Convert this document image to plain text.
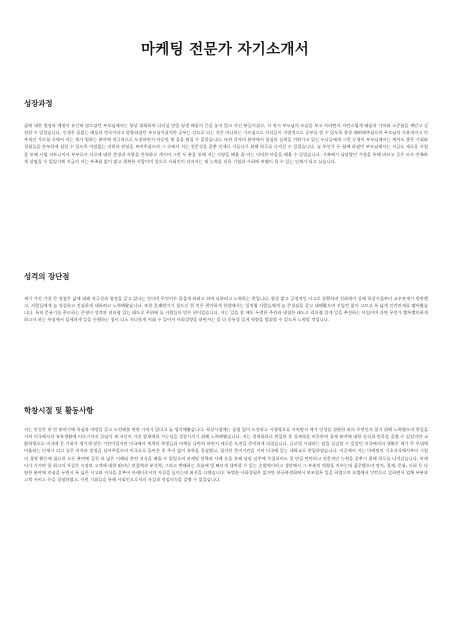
마케팅 전문가 자기소개서
성장과정

삶에 대한 열정과 애정이 유난히 많으셨던 부모님께서는 항상 대화하며 다녀실 만큼 평생 배움의 끈을 놓지 않고 사신 분들이셨고, 저 역시 부모님의 모습을 보고 자라면서 자연스럽게 배움의 가치와 소중함을 깨닫고 실천할 수 있었습니다. 인생은 끝없는 배움의 연속이라고 말씀하셨던 부모님이셨지만 공부는 강요로 되는 것은 아니라는 가르침으로 자녀들이 자발적으로 공부를 할 수 있도록 항상 배려해주셨으며 부모님의 자율적이고 민주적인 가르침 속에서 저는 제가 원하는 분야에 적극적으로 도전하면서 마음껏 제 꿈을 펼칠 수 있었습니다. 또한 각자의 분야에서 열심히 실력을 키워가고 있는 누나들에게 그런 동생이 부모님께서는 계셔도 좋은 기회와 경험들을 풍부하게 접할 수 있도록 아낌없는 지원과 관심을 보여주셨으며 그 속에서 저는 전문성을 갖춘 인재로 거듭나기 위해 하루를 다져갈 수 있었습니다. 늘 무언가 든 함께 하셨던 부모님께서는 지금도 새로운 사업을 통해 사업 파트너이자 부부로서 서로에 대한 존경과 사랑을 간직하고 계시며 그런 두 분을 통해 저는 사랑을 배울 줄 아는 넉넉한 마음을 배울 수 있었습니다. 가족에가 남달랐던 가정을 통해 바르고 곧은 모두 풍족하게 살핌을 수 있었기에 지금의 저는 부족함 없이 밝고 행복한 사람이며 앞으로 사회인이 되어서는 제 능력을 더욱 기업과 사회에 보탬이 될 수 있는 인재가 되고 싶습니다.

성격의 장단점

제가 가진 가장 큰 장점은 삶에 대해 적극성과 열정을 갖고 있다는 것이며 무엇이든 즐겁게 하려고 하며 다하려고 노력하는 편입니다. 항상 밝고 긍정적인 사고로 상황하며 친화력이 강해 학창시절부터 교우관계가 원만했고, 사람들에게 늘 성실하고 진실하게 대하려고 노력해왔습니다. 또한 흔쾌받기가 힘드신 한 것은 편안하게 한발에서는 일처럼 사람들에게 늘 존경심을 갖고 대해왔으며 선입견 없이 고르고 폭 넓게 인간관계를 맺어왔습니다. 특히 문뮤기를 주도하는 큰형이 성격과 리더쉽 있는 태도로 주위에 늘 사람들이 많은 편이었습니다. 저는 일을 할 때도 두렷한 주관과 냉철한 태도로 리더쉽 있게 일을 추진하는 타입이며 다만 무언가 빨뚜빨미하게 하고자 하는 욕심에서 섬세하게 일을 진행하는 점이 다소 자다롭게 비춰 수 있어서 사회성향을 하면서는 좀 더 융통성 있게 역량을 발휘할 수 있도록 노력할 것입니다.

학창시절 및 활동사항

저는 인성은 한 번 분야기에 욕심과 야망을 갖고 도전해볼 만한 가치가 있다고 늘 생각해왔습니다. 학창시절에는 품업 없이 도전하고 시행착오를 거치면서 제가 인성을 결판한 외의 무엇인지 찾기 위해 노력했으며 편입을 거쳐 미국에서의 유학생활에 이르기까지 끊임이 제 자신이 가진 잠재력과 가능성을 성장시키기 위해 노력해왔습니다. 저는 경제학과로 편입한 후 경제학을 비롯한여 경제 분야에 대한 상식과 안목을 갖출 수 있었지만 교환학생으로 미국에 갈 기회가 생기게 많은 기간이었지만 미국에서 세계의 학생들과 어깨를 나란히 하면서 새로운 도전을 준비하게 되었습니다. 글로벌 시대라는 말을 실감할 수 있었던 미국에서의 생활은 제가 큰 무대에 어울리는 인재가 되고 싶은 의욕과 열정을 심어주었으며 미국으로 돌아온 후 주저 없이 유학을 결심했고, 철저한 준비기간을 거쳐 미국에 있는 대학교로 편입하였습니다. 이곳에서 저는 마케팅의 기초지식에서부터 기업의 경영 활동에 필요한 모든 분야에 걸친 폭 넓은 이해와 관련 지식을 배울 수 있었으며 마케팅 전략과 사례 등을 통해 당당 실무에 투입되어도 될 만큼 탄탄하고 전문적인 능력을 갖추기 위해 하루를 다져갔습니다. 마케터가 가져야 할 최고의 자질은 시장과 고객에 대한 뛰어난 관찰력과 분석력, 그리고 변해하는 흐름에 빌 빠르게 대처할 수 있는 순발력이라고 생각해서 그 부분의 역량을 키우는데 집중했으며 정치, 경제, 문화, 사회 등 다양한 분야에 관심을 두면서 폭 넓은 시고와 지식을 갖추어 마케터로서의 자질을 높이는데 최선을 다했습니다. 특별한 사회경험은 없지만 한국학생회에서 보조업무 일을 하였으며 호텔에서 인턴으로 일하면서 업체 부분과 고객 서비스 등을 경험하였고, 이런 기회들을 통해 사회인으로서의 자질과 적임의식을 갖출 수 있었습니다.
